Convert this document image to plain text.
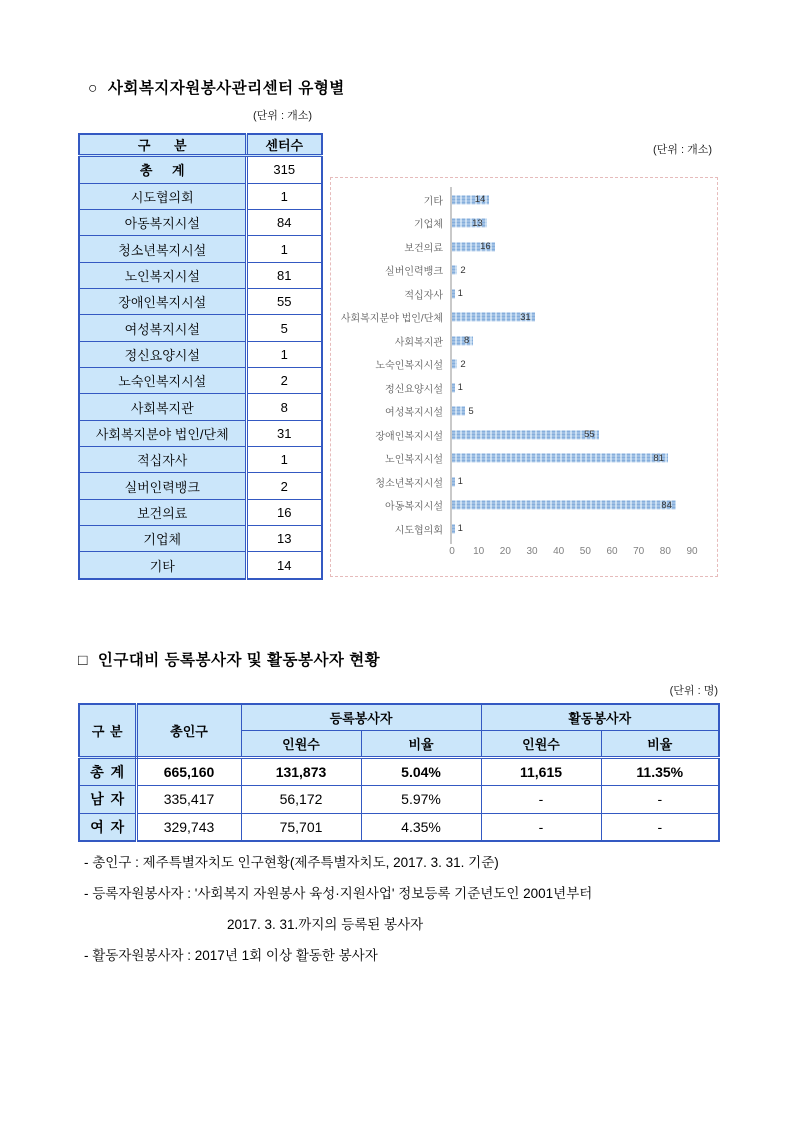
○ 사회복지자원봉사관리센터 유형별
(단위 : 개소)
구 분	센터수
총 계	315
시도협의회	1
아동복지시설	84
청소년복지시설	1
노인복지시설	81
장애인복지시설	55
여성복지시설	5
정신요양시설	1
노숙인복지시설	2
사회복지관	8
사회복지분야 법인/단체	31
적십자사	1
실버인력뱅크	2
보건의료	16
기업체	13
기타	14
(단위 : 개소)
기타	14
기업체	13
보건의료	16
실버인력뱅크 2
적십자사 1
사회복지분야 법인/단체	31
사회복지관 8
노숙인복지시설 2
정신요양시설 1
여성복지시설	5
장애인복지시설	55
노인복지시설	81
청소년복지시설 1
아동복지시설	84
시도협의회 1
0	10	20	30	40	50	60	70	80	90
□ 인구대비 등록봉사자 및 활동봉사자 현황
(단위 : 명)
구 분	총인구	등록봉사자		활동봉사자	
		인원수	비율	인원수	비율
총 계	665,160	131,873	5.04%	11,615	11.35%
남 자	335,417	56,172	5.97%	-	-
여 자	329,743	75,701	4.35%	-	-
- 총인구 : 제주특별자치도 인구현황(제주특별자치도, 2017. 3. 31. 기준)
- 등록자원봉사자 : '사회복지 자원봉사 육성·지원사업' 정보등록 기준년도인 2001년부터
2017. 3. 31.까지의 등록된 봉사자
- 활동자원봉사자 : 2017년 1회 이상 활동한 봉사자
